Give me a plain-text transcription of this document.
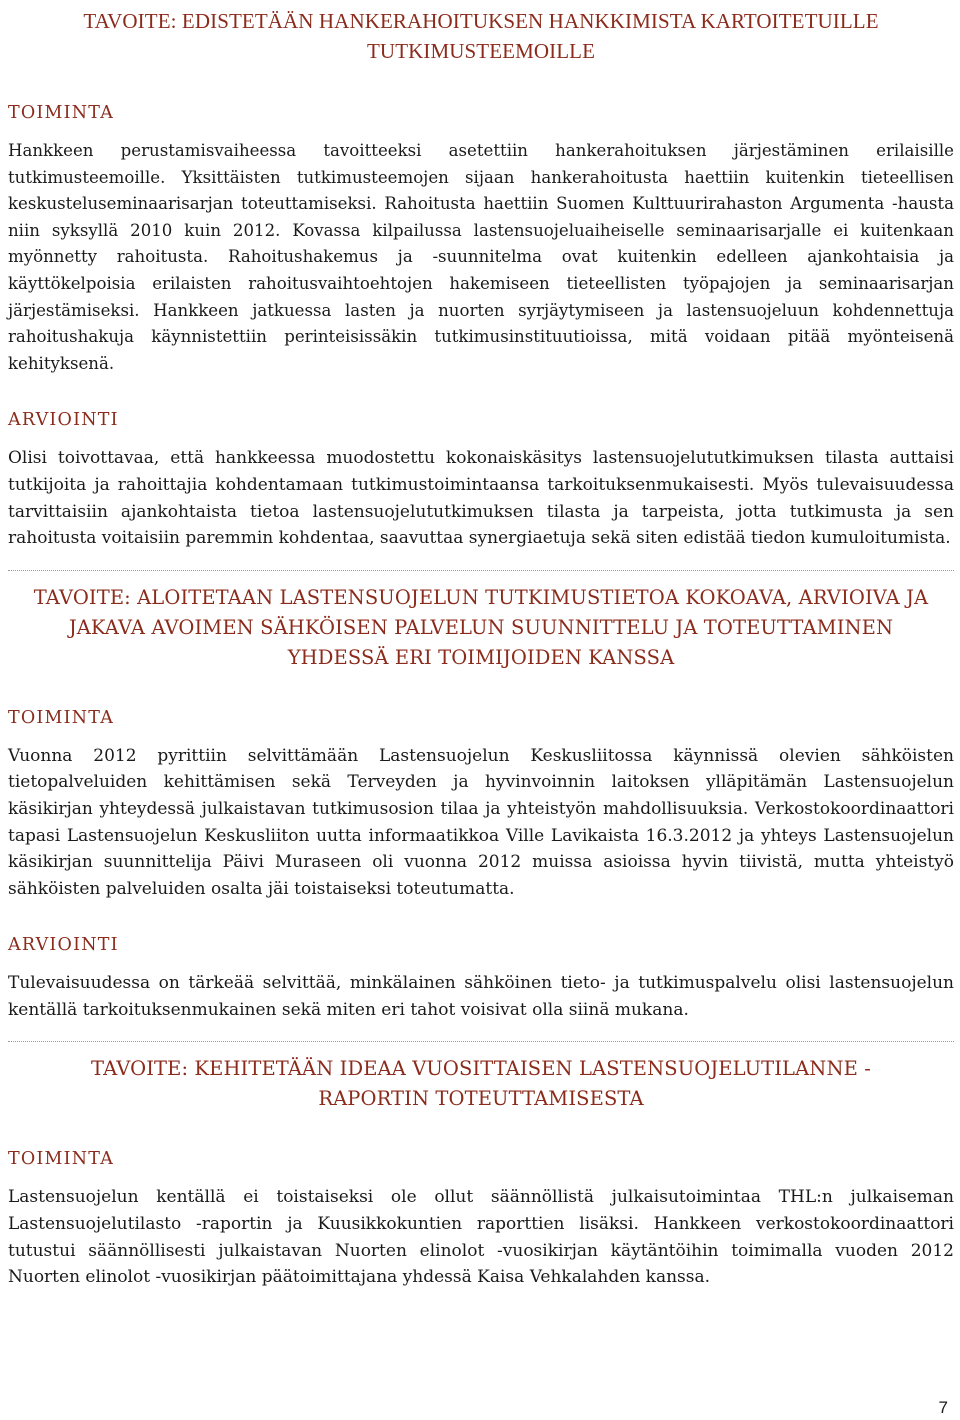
TAVOITE: EDISTETÄÄN HANKERAHOITUKSEN HANKKIMISTA KARTOITETUILLE TUTKIMUSTEEMOILLE
TOIMINTA

Hankkeen perustamisvaiheessa tavoitteeksi asetettiin hankerahoituksen järjestäminen erilaisille tutkimusteemoille. Yksittäisten tutkimusteemojen sijaan hankerahoitusta haettiin kuitenkin tieteellisen keskusteluseminaarisarjan toteuttamiseksi. Rahoitusta haettiin Suomen Kulttuurirahaston Argumenta -hausta niin syksyllä 2010 kuin 2012. Kovassa kilpailussa lastensuojeluaiheiselle seminaarisarjalle ei kuitenkaan myönnetty rahoitusta. Rahoitushakemus ja -suunnitelma ovat kuitenkin edelleen ajankohtaisia ja käyttökelpoisia erilaisten rahoitusvaihtoehtojen hakemiseen tieteellisten työpajojen ja seminaarisarjan järjestämiseksi. Hankkeen jatkuessa lasten ja nuorten syrjäytymiseen ja lastensuojeluun kohdennettuja rahoitushakuja käynnistettiin perinteisissäkin tutkimusinstituutioissa, mitä voidaan pitää myönteisenä kehityksenä.

ARVIOINTI

Olisi toivottavaa, että hankkeessa muodostettu kokonaiskäsitys lastensuojelututkimuksen tilasta auttaisi tutkijoita ja rahoittajia kohdentamaan tutkimustoimintaansa tarkoituksenmukaisesti. Myös tulevaisuudessa tarvittaisiin ajankohtaista tietoa lastensuojelututkimuksen tilasta ja tarpeista, jotta tutkimusta ja sen rahoitusta voitaisiin paremmin kohdentaa, saavuttaa synergiaetuja sekä siten edistää tiedon kumuloitumista.

TAVOITE: ALOITETAAN LASTENSUOJELUN TUTKIMUSTIETOA KOKOAVA, ARVIOIVA JA JAKAVA AVOIMEN SÄHKÖISEN PALVELUN SUUNNITTELU JA TOTEUTTAMINEN YHDESSÄ ERI TOIMIJOIDEN KANSSA
TOIMINTA

Vuonna 2012 pyrittiin selvittämään Lastensuojelun Keskusliitossa käynnissä olevien sähköisten tietopalveluiden kehittämisen sekä Terveyden ja hyvinvoinnin laitoksen ylläpitämän Lastensuojelun käsikirjan yhteydessä julkaistavan tutkimusosion tilaa ja yhteistyön mahdollisuuksia. Verkostokoordinaattori tapasi Lastensuojelun Keskusliiton uutta informaatikkoa Ville Lavikaista 16.3.2012 ja yhteys Lastensuojelun käsikirjan suunnittelija Päivi Muraseen oli vuonna 2012 muissa asioissa hyvin tiivistä, mutta yhteistyö sähköisten palveluiden osalta jäi toistaiseksi toteutumatta.

ARVIOINTI

Tulevaisuudessa on tärkeää selvittää, minkälainen sähköinen tieto- ja tutkimuspalvelu olisi lastensuojelun kentällä tarkoituksenmukainen sekä miten eri tahot voisivat olla siinä mukana.

TAVOITE: KEHITETÄÄN IDEAA VUOSITTAISEN LASTENSUOJELUTILANNE -RAPORTIN TOTEUTTAMISESTA
TOIMINTA

Lastensuojelun kentällä ei toistaiseksi ole ollut säännöllistä julkaisutoimintaa THL:n julkaiseman Lastensuojelutilasto -raportin ja Kuusikkokuntien raporttien lisäksi. Hankkeen verkostokoordinaattori tutustui säännöllisesti julkaistavan Nuorten elinolot -vuosikirjan käytäntöihin toimimalla vuoden 2012 Nuorten elinolot -vuosikirjan päätoimittajana yhdessä Kaisa Vehkalahden kanssa.

7
